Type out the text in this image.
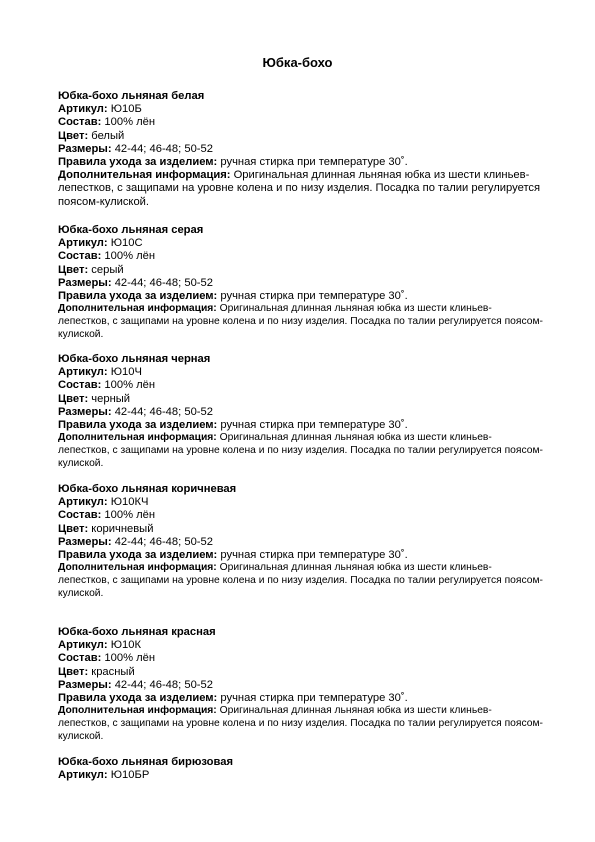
Юбка-бохо
Юбка-бохо льняная белая
Артикул: Ю10Б
Состав: 100% лён
Цвет: белый
Размеры: 42-44; 46-48; 50-52
Правила ухода за изделием: ручная стирка при температуре 30˚.
Дополнительная информация: Оригинальная длинная льняная юбка из шести клиньев-лепестков, с защипами на уровне колена и по низу изделия. Посадка по талии регулируется поясом-кулиской.
Юбка-бохо льняная серая
Артикул: Ю10С
Состав: 100% лён
Цвет: серый
Размеры: 42-44; 46-48; 50-52
Правила ухода за изделием: ручная стирка при температуре 30˚.
Дополнительная информация: Оригинальная длинная льняная юбка из шести клиньев-лепестков, с защипами на уровне колена и по низу изделия. Посадка по талии регулируется поясом-кулиской.
Юбка-бохо льняная черная
Артикул: Ю10Ч
Состав: 100% лён
Цвет: черный
Размеры: 42-44; 46-48; 50-52
Правила ухода за изделием: ручная стирка при температуре 30˚.
Дополнительная информация: Оригинальная длинная льняная юбка из шести клиньев-лепестков, с защипами на уровне колена и по низу изделия. Посадка по талии регулируется поясом-кулиской.
Юбка-бохо льняная коричневая
Артикул: Ю10КЧ
Состав: 100% лён
Цвет: коричневый
Размеры: 42-44; 46-48; 50-52
Правила ухода за изделием: ручная стирка при температуре 30˚.
Дополнительная информация: Оригинальная длинная льняная юбка из шести клиньев-лепестков, с защипами на уровне колена и по низу изделия. Посадка по талии регулируется поясом-кулиской.
Юбка-бохо льняная красная
Артикул: Ю10К
Состав: 100% лён
Цвет: красный
Размеры: 42-44; 46-48; 50-52
Правила ухода за изделием: ручная стирка при температуре 30˚.
Дополнительная информация: Оригинальная длинная льняная юбка из шести клиньев-лепестков, с защипами на уровне колена и по низу изделия. Посадка по талии регулируется поясом-кулиской.
Юбка-бохо льняная бирюзовая
Артикул: Ю10БР
